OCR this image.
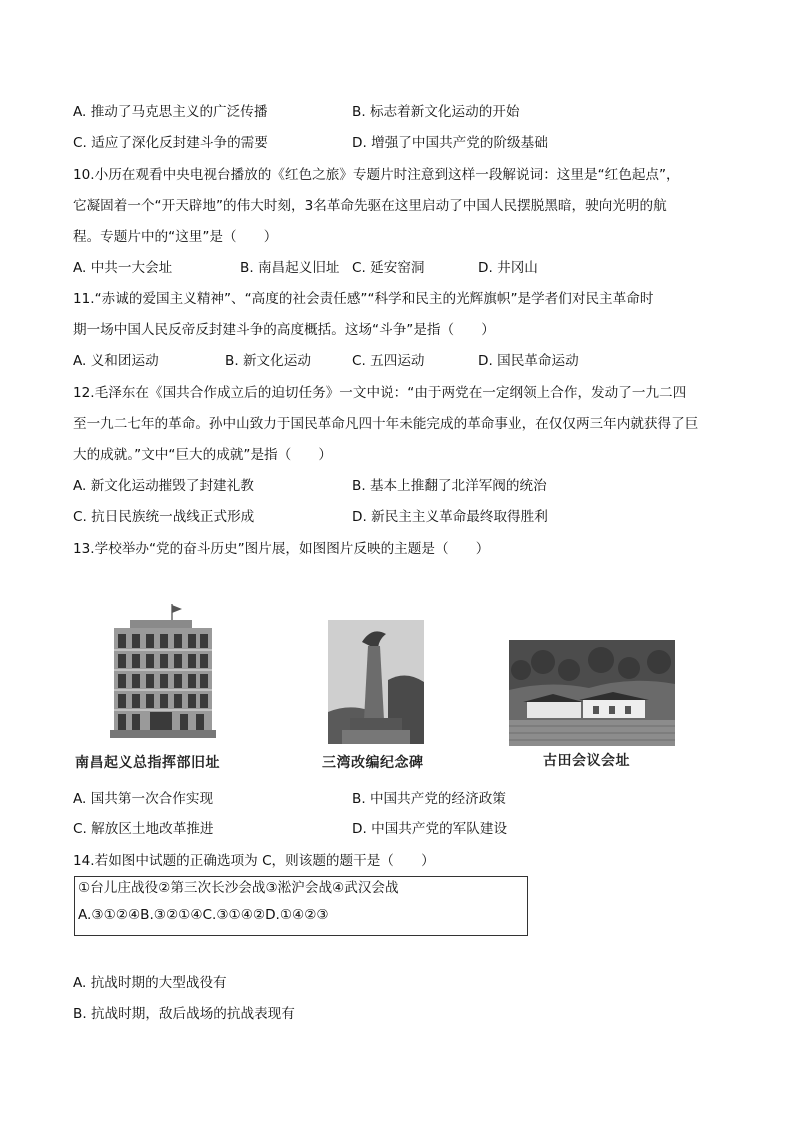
A. 推动了马克思主义的广泛传播	B. 标志着新文化运动的开始
C. 适应了深化反封建斗争的需要	D. 增强了中国共产党的阶级基础
10.小历在观看中央电视台播放的《红色之旅》专题片时注意到这样一段解说词：这里是“红色起点”，
它凝固着一个“开天辟地”的伟大时刻，3名革命先驱在这里启动了中国人民摆脱黑暗，驶向光明的航
程。专题片中的“这里”是（　　）
A. 中共一大会址	B. 南昌起义旧址 C. 延安窑洞	D. 井冈山
11.“赤诚的爱国主义精神”、“高度的社会责任感”“科学和民主的光辉旗帜”是学者们对民主革命时
期一场中国人民反帝反封建斗争的高度概括。这场“斗争”是指（　　）
A. 义和团运动	B. 新文化运动	C. 五四运动	D. 国民革命运动
12.毛泽东在《国共合作成立后的迫切任务》一文中说：“由于两党在一定纲领上合作，发动了一九二四
至一九二七年的革命。孙中山致力于国民革命凡四十年未能完成的革命事业，在仅仅两三年内就获得了巨
大的成就。”文中“巨大的成就”是指（　　）
A. 新文化运动摧毁了封建礼教	B. 基本上推翻了北洋军阀的统治
C. 抗日民族统一战线正式形成	D. 新民主主义革命最终取得胜利
13.学校举办“党的奋斗历史”图片展，如图图片反映的主题是（　　）
南昌起义总指挥部旧址	三湾改编纪念碑	古田会议会址
A. 国共第一次合作实现	B. 中国共产党的经济政策
C. 解放区土地改革推进	D. 中国共产党的军队建设
14.若如图中试题的正确选项为 C，则该题的题干是（　　）
①台儿庄战役②第三次长沙会战③淞沪会战④武汉会战
A.③①②④B.③②①④C.③①④②D.①④②③
A. 抗战时期的大型战役有
B. 抗战时期，敌后战场的抗战表现有
